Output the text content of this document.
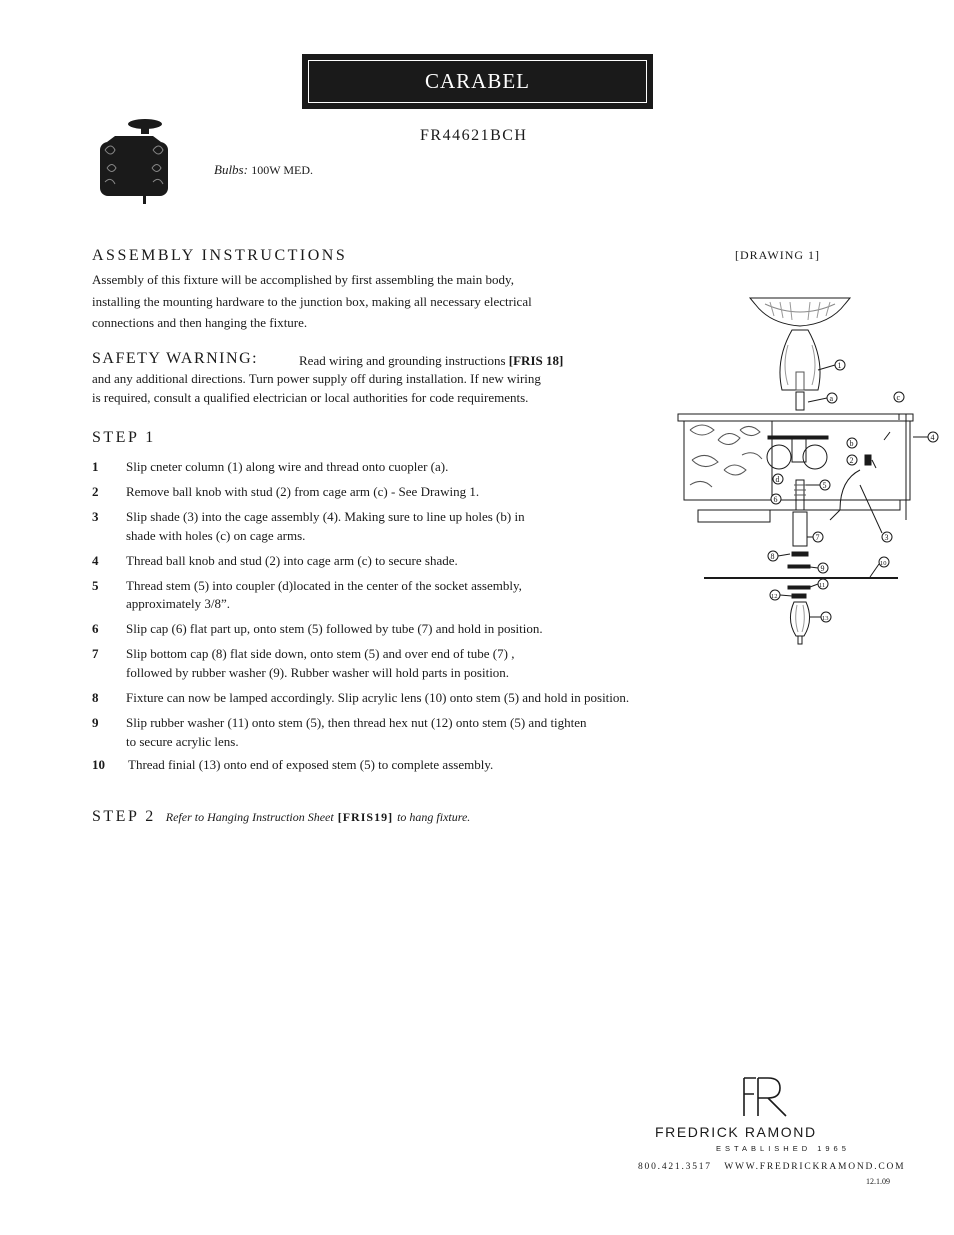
CARABEL
FR44621BCH
Bulbs: 100W MED.
ASSEMBLY INSTRUCTIONS
Assembly of this fixture will be accomplished by first assembling the main body,
installing the mounting hardware to the junction box, making all necessary electrical
connections and then hanging the fixture.
SAFETY WARNING:	Read wiring and grounding instructions [FRIS 18]
and any additional directions. Turn power supply off during installation. If new wiring
is required, consult a qualified electrician or local authorities for code requirements.
STEP 1
1 Slip cneter column (1) along wire and thread onto cuopler (a).
2 Remove ball knob with stud (2) from cage arm (c) - See Drawing 1.
3 Slip shade (3) into the cage assembly (4). Making sure to line up holes (b) in
shade with holes (c) on cage arms.
4 Thread ball knob and stud (2) into cage arm (c) to secure shade.
5 Thread stem (5) into coupler (d)located in the center of the socket assembly,
approximately 3/8”.
6 Slip cap (6) flat part up, onto stem (5) followed by tube (7) and hold in position.
7 Slip bottom cap (8) flat side down, onto stem (5) and over end of tube (7) ,
followed by rubber washer (9). Rubber washer will hold parts in position.
8 Fixture can now be lamped accordingly. Slip acrylic lens (10) onto stem (5) and hold in position.
9 Slip rubber washer (11) onto stem (5), then thread hex nut (12) onto stem (5) and tighten
to secure acrylic lens.
10 Thread finial (13) onto end of exposed stem (5) to complete assembly.
STEP 2 Refer to Hanging Instruction Sheet [FRIS19] to hang fixture.
[DRAWING 1]
1
a	c
4
b
2
d
5
6
7	3
8
9
10
11
12
13
FREDRICK RAMOND
ESTABLISHED 1965
800.421.3517   WWW.FREDRICKRAMOND.COM
12.1.09
